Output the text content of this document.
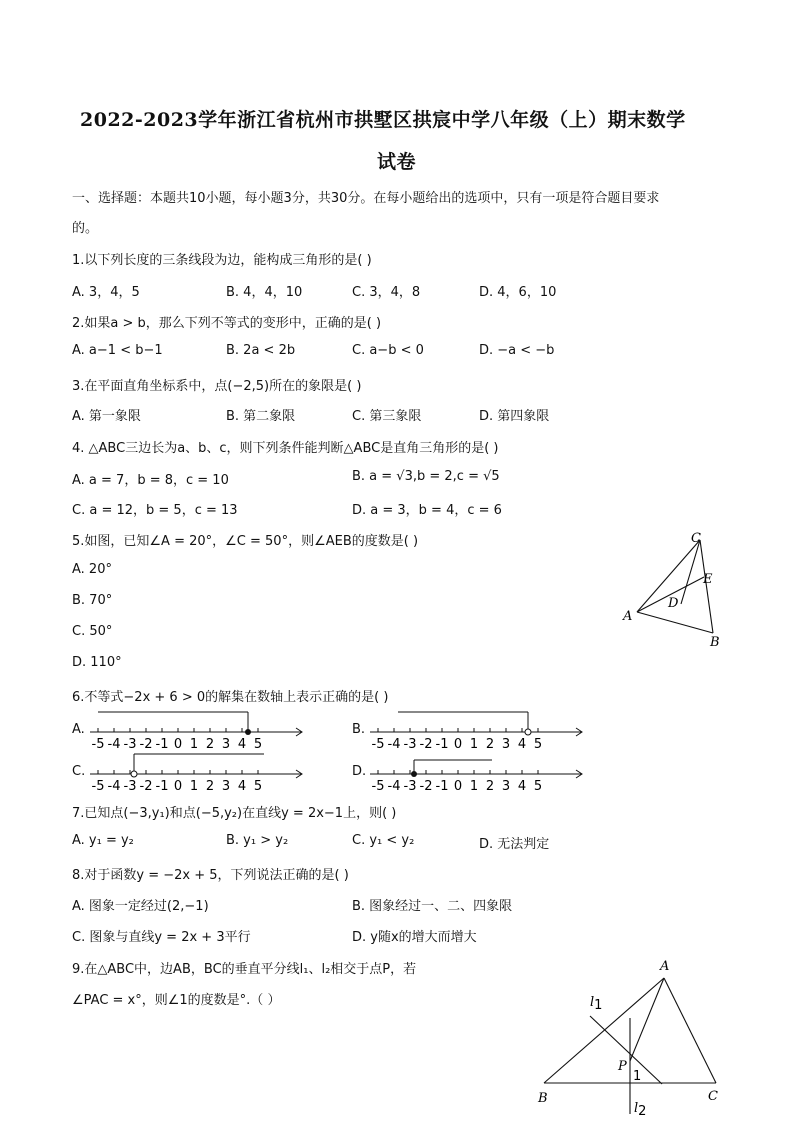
2022-2023学年浙江省杭州市拱墅区拱宸中学八年级（上）期末数学
试卷
一、选择题：本题共10小题，每小题3分，共30分。在每小题给出的选项中，只有一项是符合题目要求
的。
1.以下列长度的三条线段为边，能构成三角形的是( )
A. 3，4，5	B. 4，4，10	C. 3，4，8	D. 4，6，10
2.如果a > b，那么下列不等式的变形中，正确的是( )
A. a−1 < b−1	B. 2a < 2b	C. a−b < 0	D. −a < −b
3.在平面直角坐标系中，点(−2,5)所在的象限是( )
A. 第一象限	B. 第二象限	C. 第三象限	D. 第四象限
4. △ABC三边长为a、b、c，则下列条件能判断△ABC是直角三角形的是( )
A. a = 7，b = 8，c = 10	B. a = √3,b = 2,c = √5
C. a = 12，b = 5，c = 13	D. a = 3，b = 4，c = 6
5.如图，已知∠A = 20°，∠C = 50°，则∠AEB的度数是( )
A. 20°
B. 70°
C. 50°
D. 110°
C
E
D
A
B
6.不等式−2x + 6 > 0的解集在数轴上表示正确的是( )
A.	B.
C.	D.
-5 -4 -3 -2 -1 0 1 2 3 4 5	-5 -4 -3 -2 -1 0 1 2 3 4 5
-5 -4 -3 -2 -1 0 1 2 3 4 5	-5 -4 -3 -2 -1 0 1 2 3 4 5
7.已知点(−3,y₁)和点(−5,y₂)在直线y = 2x−1上，则( )
A. y₁ = y₂	B. y₁ > y₂	C. y₁ < y₂	D. 无法判定
8.对于函数y = −2x + 5，下列说法正确的是( )
A. 图象一定经过(2,−1)	B. 图象经过一、二、四象限
C. 图象与直线y = 2x + 3平行	D. y随x的增大而增大
9.在△ABC中，边AB，BC的垂直平分线l₁、l₂相交于点P，若
∠PAC = x°，则∠1的度数是°.（ ）
A
l1
P
1
B	C
l2
